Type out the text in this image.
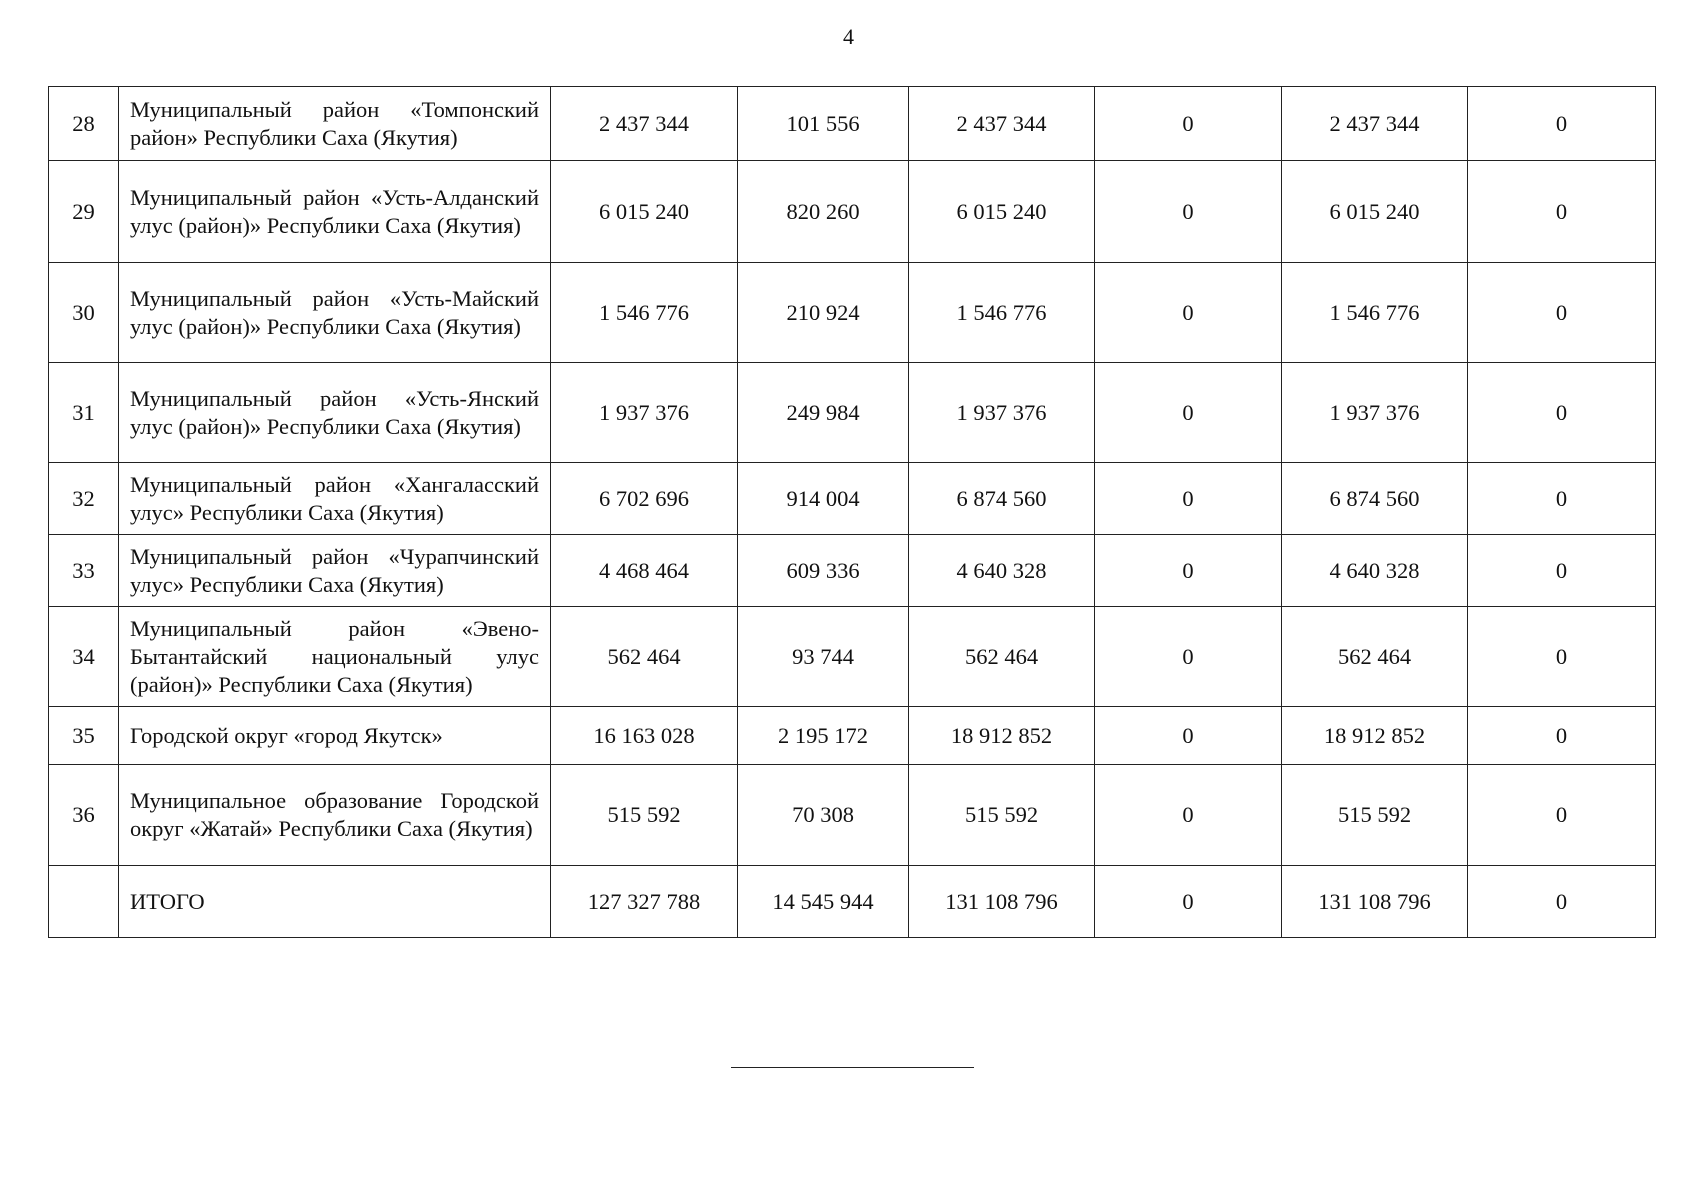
4
28	Муниципальный район «Томпонский район» Республики Саха (Якутия)	2 437 344	101 556	2 437 344	0	2 437 344	0
29	Муниципальный район «Усть-Алданский улус (район)» Республики Саха (Якутия)	6 015 240	820 260	6 015 240	0	6 015 240	0
30	Муниципальный район «Усть-Майский улус (район)» Республики Саха (Якутия)	1 546 776	210 924	1 546 776	0	1 546 776	0
31	Муниципальный район «Усть-Янский улус (район)» Республики Саха (Якутия)	1 937 376	249 984	1 937 376	0	1 937 376	0
32	Муниципальный район «Хангаласский улус» Республики Саха (Якутия)	6 702 696	914 004	6 874 560	0	6 874 560	0
33	Муниципальный район «Чурапчинский улус» Республики Саха (Якутия)	4 468 464	609 336	4 640 328	0	4 640 328	0
34	Муниципальный район «Эвено-Бытантайский национальный улус (район)» Республики Саха (Якутия)	562 464	93 744	562 464	0	562 464	0
35	Городской округ «город Якутск»	16 163 028	2 195 172	18 912 852	0	18 912 852	0
36	Муниципальное образование Городской округ «Жатай» Республики Саха (Якутия)	515 592	70 308	515 592	0	515 592	0
	ИТОГО	127 327 788	14 545 944	131 108 796	0	131 108 796	0
